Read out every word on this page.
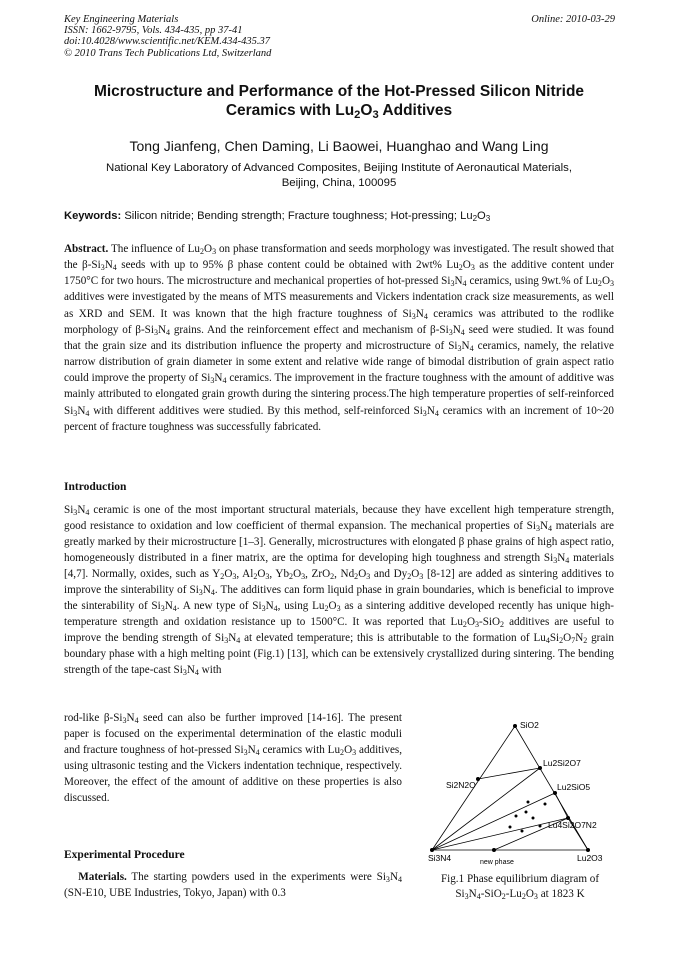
Key Engineering Materials
ISSN: 1662-9795, Vols. 434-435, pp 37-41
doi:10.4028/www.scientific.net/KEM.434-435.37
© 2010 Trans Tech Publications Ltd, Switzerland
Online: 2010-03-29
Microstructure and Performance of the Hot-Pressed Silicon Nitride
Ceramics with $Lu_2O_3$ Additives
Tong Jianfeng, Chen Daming, Li Baowei, Huanghao and Wang Ling
National Key Laboratory of Advanced Composites, Beijing Institute of Aeronautical Materials,
Beijing, China, 100095
Keywords: Silicon nitride; Bending strength; Fracture toughness; Hot-pressing; $Lu_2O_3$

Abstract. The influence of $Lu_2O_3$ on phase transformation and seeds morphology was investigated. The result showed that the $\beta-Si_3N_4$ seeds with up to 95% β phase content could be obtained with 2wt% $Lu_2O_3$ as the additive content under 1750°C for two hours. The microstructure and mechanical properties of hot-pressed $Si_3N_4$ ceramics, using 9wt.% of $Lu_2O_3$ additives were investigated by the means of MTS measurements and Vickers indentation crack size measurements, as well as XRD and SEM. It was known that the high fracture toughness of $Si_3N_4$ ceramics was attributed to the rodlike morphology of $\beta-Si_3N_4$ grains. And the reinforcement effect and mechanism of $\beta-Si_3N_4$ seed were studied. It was found that the grain size and its distribution influence the property and microstructure of $Si_3N_4$ ceramics, namely, the relative narrow distribution of grain diameter in some extent and relative wide range of bimodal distribution of grain aspect ratio could improve the property of $Si_3N_4$ ceramics. The improvement in the fracture toughness with the amount of additive was mainly attributed to elongated grain growth during the sintering process.The high temperature properties of self-reinforced $Si_3N_4$ with different additives were studied. By this method, self-reinforced $Si_3N_4$ ceramics with an increment of 10~20 percent of fracture toughness was successfully fabricated.

Introduction

$Si_3N_4$ ceramic is one of the most important structural materials, because they have excellent high temperature strength, good resistance to oxidation and low coefficient of thermal expansion. The mechanical properties of $Si_3N_4$ materials are greatly marked by their microstructure [1–3]. Generally, microstructures with elongated β phase grains of high aspect ratio, homogeneously distributed in a finer matrix, are the optima for developing high toughness and strength $Si_3N_4$ materials [4,7]. Normally, oxides, such as $Y_2O_3$, $Al_2O_3$, $Yb_2O_3$, ZrO$_2$, $Nd_2O_3$ and $Dy_2O_3$ [8-12] are added as sintering additives to improve the sinterability of $Si_3N_4$. The additives can form liquid phase in grain boundaries, which is beneficial to improve the sinterability of $Si_3N_4$. A new type of $Si_3N_4$, using $Lu_2O_3$ as a sintering additive developed recently has unique high-temperature strength and oxidation resistance up to 1500°C. It was reported that $Lu_2O_3-SiO_2$ additives are useful to improve the bending strength of $Si_3N_4$ at elevated temperature; this is attributable to the formation of $Lu_4Si_2O_7N_2$ grain boundary phase with a high melting point (Fig.1) [13], which can be extensively crystallized during sintering. The bending strength of the tape-cast $Si_3N_4$ with

rod-like $\beta-Si_3N_4$ seed can also be further improved [14-16]. The present paper is focused on the experimental determination of the elastic moduli and fracture toughness of hot-pressed $Si_3N_4$ ceramics with $Lu_2O_3$ additives, using ultrasonic testing and the Vickers indentation technique, respectively. Moreover, the effect of the amount of additive on these properties is also discussed.

Experimental Procedure

Materials. The starting powders used in the experiments were $Si_3N_4$ (SN-E10, UBE Industries, Tokyo, Japan) with 0.3

SiO2
Lu2Si2O7
Lu2SiO5
Si2N2O
Lu4Si2O7N2
Si3N4	Lu2O3
new phase
Fig.1 Phase equilibrium diagram of
$Si_3N_4-SiO_2-Lu_2O_3$ at 1823 K
